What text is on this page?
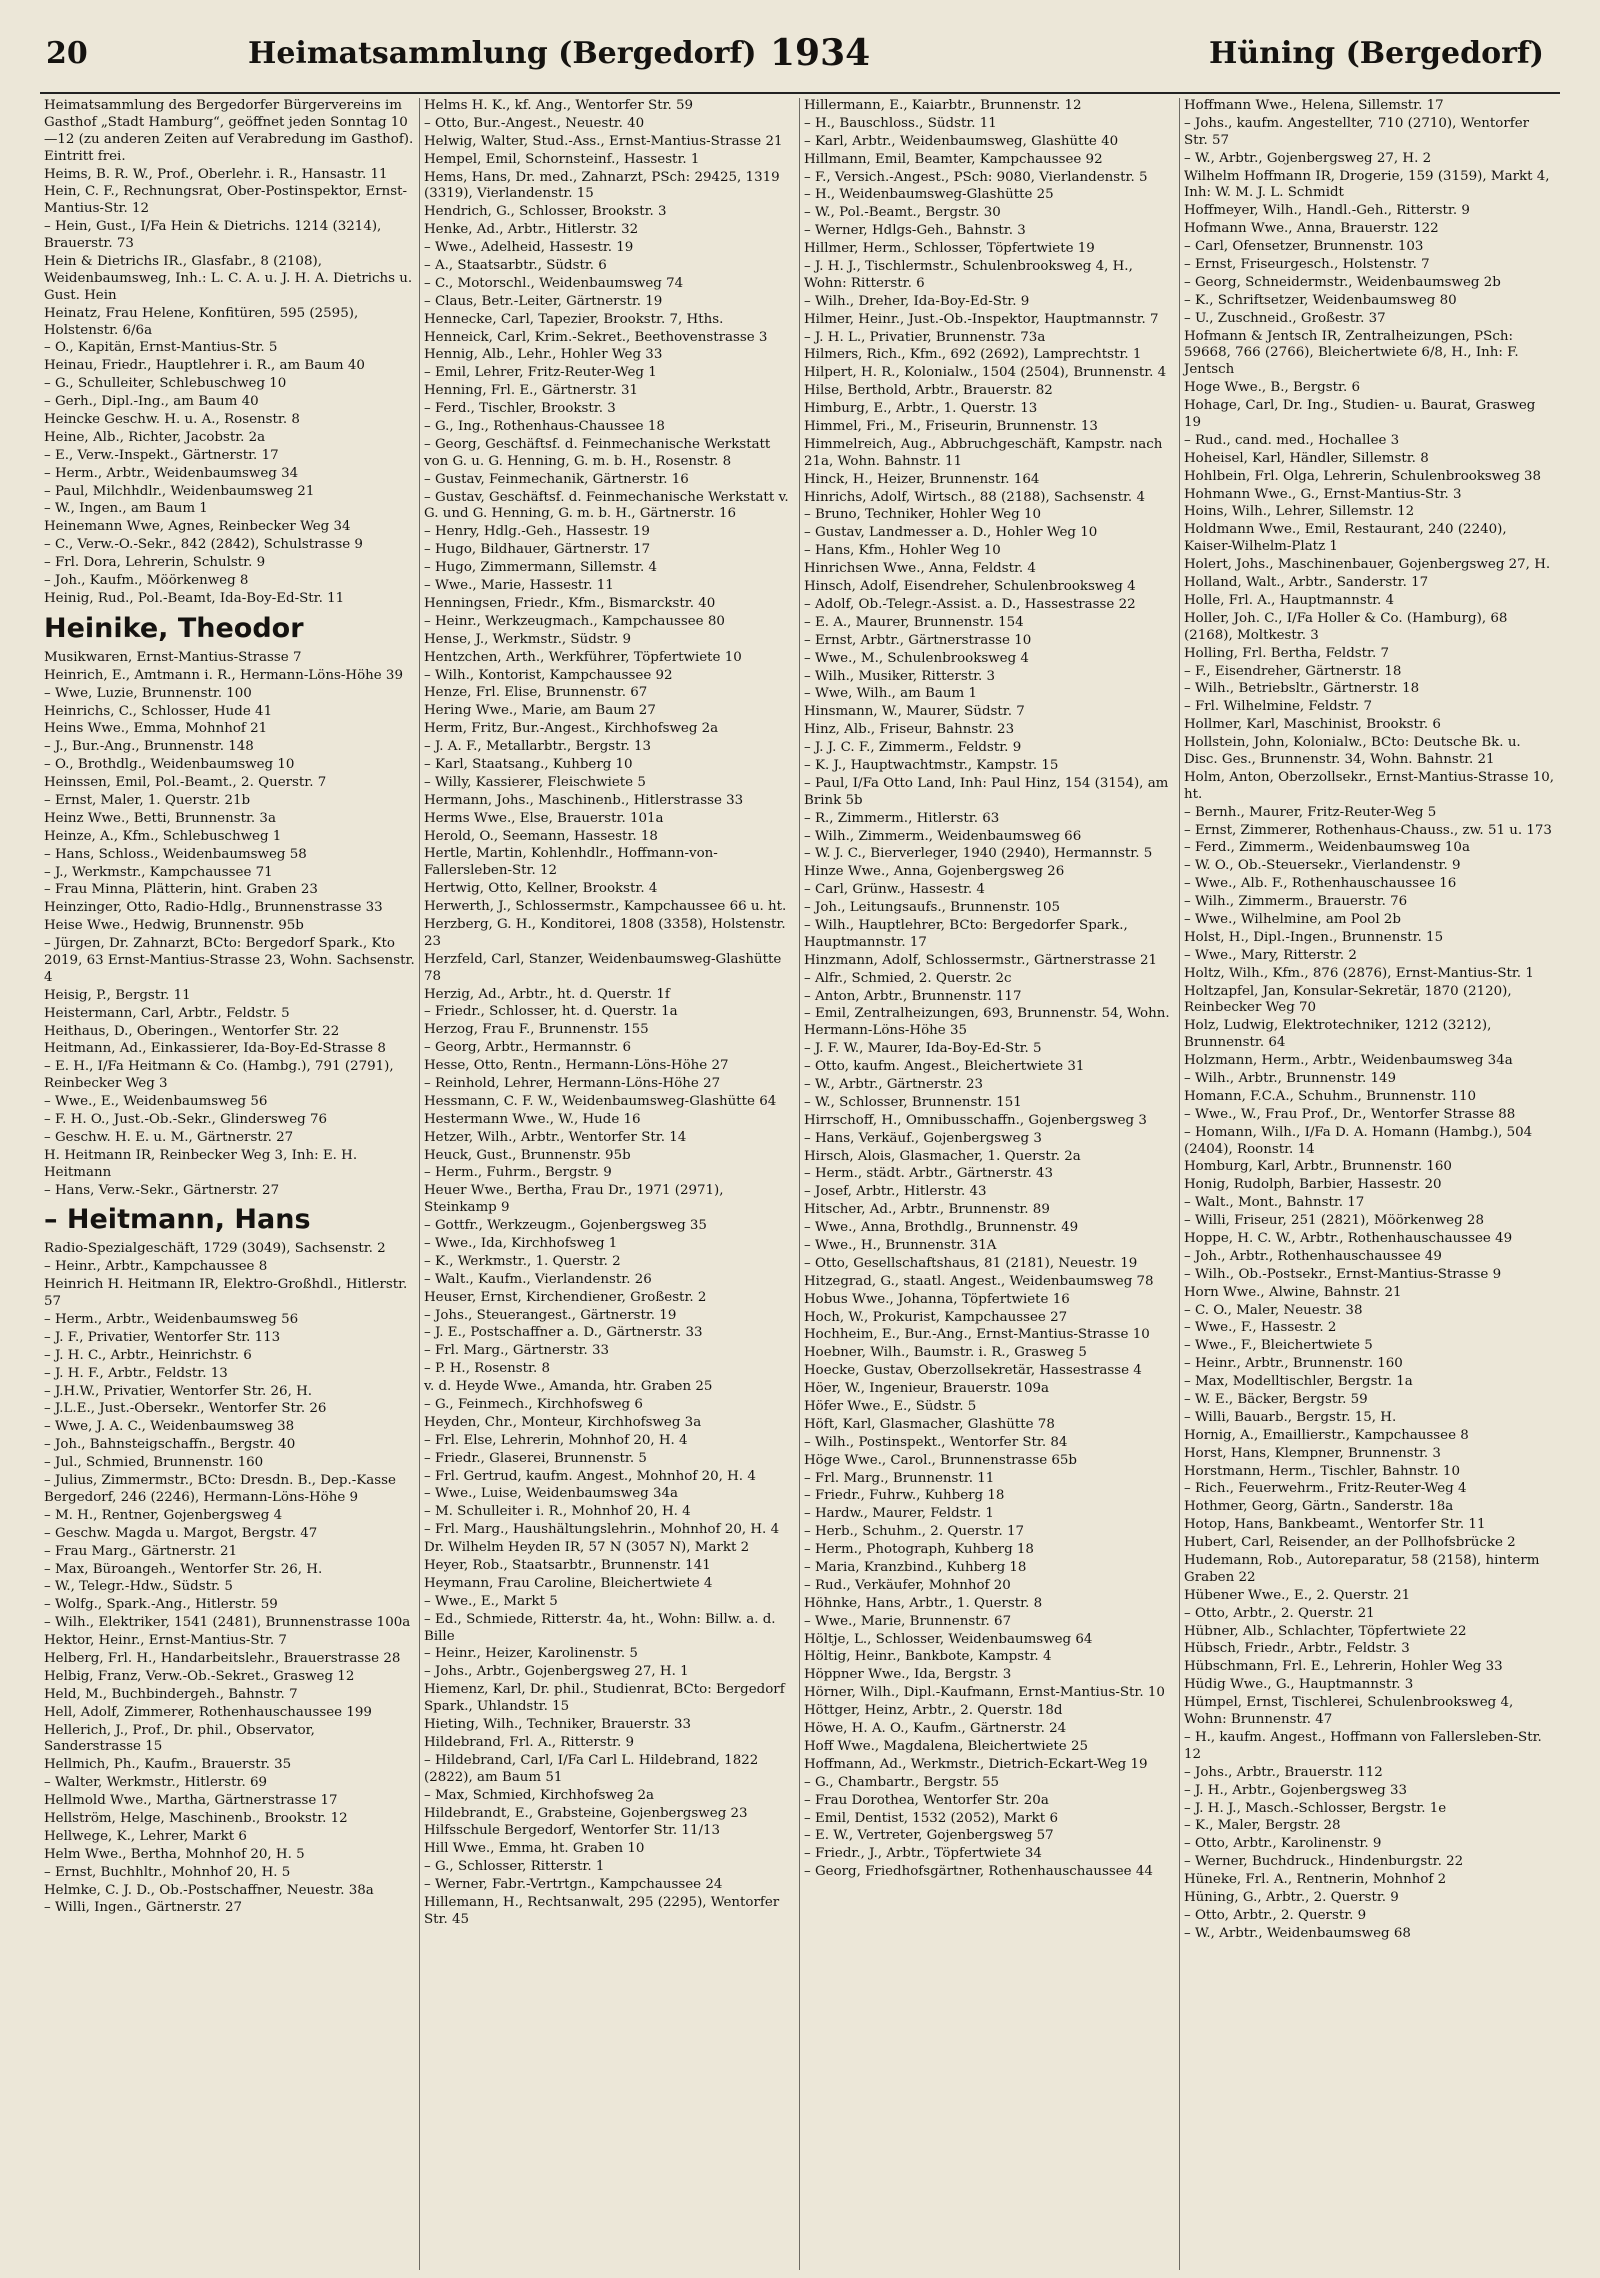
20	Heimatsammlung (Bergedorf) 1934	Hüning (Bergedorf)
Heimatsammlung des Bergedorfer Bürgervereins im Gasthof „Stadt Hamburg“, geöffnet jeden Sonntag 10—12 (zu anderen Zeiten auf Verabredung im Gasthof). Eintritt frei.
Heims, B. R. W., Prof., Oberlehr. i. R., Hansastr. 11
Hein, C. F., Rechnungsrat, Ober-Postinspektor, Ernst-Mantius-Str. 12
– Hein, Gust., I/Fa Hein & Dietrichs. 1214 (3214), Brauerstr. 73
Hein & Dietrichs IR., Glasfabr., 8 (2108), Weidenbaumsweg, Inh.: L. C. A. u. J. H. A. Dietrichs u. Gust. Hein
Heinatz, Frau Helene, Konfitüren, 595 (2595), Holstenstr. 6/6a
– O., Kapitän, Ernst-Mantius-Str. 5
Heinau, Friedr., Hauptlehrer i. R., am Baum 40
– G., Schulleiter, Schlebuschweg 10
– Gerh., Dipl.-Ing., am Baum 40
Heincke Geschw. H. u. A., Rosenstr. 8
Heine, Alb., Richter, Jacobstr. 2a
– E., Verw.-Inspekt., Gärtnerstr. 17
– Herm., Arbtr., Weidenbaumsweg 34
– Paul, Milchhdlr., Weidenbaumsweg 21
– W., Ingen., am Baum 1
Heinemann Wwe, Agnes, Reinbecker Weg 34
– C., Verw.-O.-Sekr., 842 (2842), Schulstrasse 9
– Frl. Dora, Lehrerin, Schulstr. 9
– Joh., Kaufm., Möörkenweg 8
Heinig, Rud., Pol.-Beamt, Ida-Boy-Ed-Str. 11
Heinike, Theodor
Musikwaren, Ernst-Mantius-Strasse 7
Heinrich, E., Amtmann i. R., Hermann-Löns-Höhe 39
– Wwe, Luzie, Brunnenstr. 100
Heinrichs, C., Schlosser, Hude 41
Heins Wwe., Emma, Mohnhof 21
– J., Bur.-Ang., Brunnenstr. 148
– O., Brothdlg., Weidenbaumsweg 10
Heinssen, Emil, Pol.-Beamt., 2. Querstr. 7
– Ernst, Maler, 1. Querstr. 21b
Heinz Wwe., Betti, Brunnenstr. 3a
Heinze, A., Kfm., Schlebuschweg 1
– Hans, Schloss., Weidenbaumsweg 58
– J., Werkmstr., Kampchaussee 71
– Frau Minna, Plätterin, hint. Graben 23
Heinzinger, Otto, Radio-Hdlg., Brunnenstrasse 33
Heise Wwe., Hedwig, Brunnenstr. 95b
– Jürgen, Dr. Zahnarzt, BCto: Bergedorf Spark., Kto 2019, 63 Ernst-Mantius-Strasse 23, Wohn. Sachsenstr. 4
Heisig, P., Bergstr. 11
Heistermann, Carl, Arbtr., Feldstr. 5
Heithaus, D., Oberingen., Wentorfer Str. 22
Heitmann, Ad., Einkassierer, Ida-Boy-Ed-Strasse 8
– E. H., I/Fa Heitmann & Co. (Hambg.), 791 (2791), Reinbecker Weg 3
– Wwe., E., Weidenbaumsweg 56
– F. H. O., Just.-Ob.-Sekr., Glindersweg 76
– Geschw. H. E. u. M., Gärtnerstr. 27
H. Heitmann IR, Reinbecker Weg 3, Inh: E. H. Heitmann
– Hans, Verw.-Sekr., Gärtnerstr. 27
– Heitmann, Hans
Radio-Spezialgeschäft, 1729 (3049), Sachsenstr. 2
– Heinr., Arbtr., Kampchaussee 8
Heinrich H. Heitmann IR, Elektro-Großhdl., Hitlerstr. 57
– Herm., Arbtr., Weidenbaumsweg 56
– J. F., Privatier, Wentorfer Str. 113
– J. H. C., Arbtr., Heinrichstr. 6
– J. H. F., Arbtr., Feldstr. 13
– J.H.W., Privatier, Wentorfer Str. 26, H.
– J.L.E., Just.-Obersekr., Wentorfer Str. 26
– Wwe, J. A. C., Weidenbaumsweg 38
– Joh., Bahnsteigschaffn., Bergstr. 40
– Jul., Schmied, Brunnenstr. 160
– Julius, Zimmermstr., BCto: Dresdn. B., Dep.-Kasse Bergedorf, 246 (2246), Hermann-Löns-Höhe 9
– M. H., Rentner, Gojenbergsweg 4
– Geschw. Magda u. Margot, Bergstr. 47
– Frau Marg., Gärtnerstr. 21
– Max, Büroangeh., Wentorfer Str. 26, H.
– W., Telegr.-Hdw., Südstr. 5
– Wolfg., Spark.-Ang., Hitlerstr. 59
– Wilh., Elektriker, 1541 (2481), Brunnenstrasse 100a
Hektor, Heinr., Ernst-Mantius-Str. 7
Helberg, Frl. H., Handarbeitslehr., Brauerstrasse 28
Helbig, Franz, Verw.-Ob.-Sekret., Grasweg 12
Held, M., Buchbindergeh., Bahnstr. 7
Hell, Adolf, Zimmerer, Rothenhauschaussee 199
Hellerich, J., Prof., Dr. phil., Observator, Sanderstrasse 15
Hellmich, Ph., Kaufm., Brauerstr. 35
– Walter, Werkmstr., Hitlerstr. 69
Hellmold Wwe., Martha, Gärtnerstrasse 17
Hellström, Helge, Maschinenb., Brookstr. 12
Hellwege, K., Lehrer, Markt 6
Helm Wwe., Bertha, Mohnhof 20, H. 5
– Ernst, Buchhltr., Mohnhof 20, H. 5
Helmke, C. J. D., Ob.-Postschaffner, Neuestr. 38a
– Willi, Ingen., Gärtnerstr. 27
Helms H. K., kf. Ang., Wentorfer Str. 59
– Otto, Bur.-Angest., Neuestr. 40
Helwig, Walter, Stud.-Ass., Ernst-Mantius-Strasse 21
Hempel, Emil, Schornsteinf., Hassestr. 1
Hems, Hans, Dr. med., Zahnarzt, PSch: 29425, 1319 (3319), Vierlandenstr. 15
Hendrich, G., Schlosser, Brookstr. 3
Henke, Ad., Arbtr., Hitlerstr. 32
– Wwe., Adelheid, Hassestr. 19
– A., Staatsarbtr., Südstr. 6
– C., Motorschl., Weidenbaumsweg 74
– Claus, Betr.-Leiter, Gärtnerstr. 19
Hennecke, Carl, Tapezier, Brookstr. 7, Hths.
Henneick, Carl, Krim.-Sekret., Beethovenstrasse 3
Hennig, Alb., Lehr., Hohler Weg 33
– Emil, Lehrer, Fritz-Reuter-Weg 1
Henning, Frl. E., Gärtnerstr. 31
– Ferd., Tischler, Brookstr. 3
– G., Ing., Rothenhaus-Chaussee 18
– Georg, Geschäftsf. d. Feinmechanische Werkstatt von G. u. G. Henning, G. m. b. H., Rosenstr. 8
– Gustav, Feinmechanik, Gärtnerstr. 16
– Gustav, Geschäftsf. d. Feinmechanische Werkstatt v. G. und G. Henning, G. m. b. H., Gärtnerstr. 16
– Henry, Hdlg.-Geh., Hassestr. 19
– Hugo, Bildhauer, Gärtnerstr. 17
– Hugo, Zimmermann, Sillemstr. 4
– Wwe., Marie, Hassestr. 11
Henningsen, Friedr., Kfm., Bismarckstr. 40
– Heinr., Werkzeugmach., Kampchaussee 80
Hense, J., Werkmstr., Südstr. 9
Hentzchen, Arth., Werkführer, Töpfertwiete 10
– Wilh., Kontorist, Kampchaussee 92
Henze, Frl. Elise, Brunnenstr. 67
Hering Wwe., Marie, am Baum 27
Herm, Fritz, Bur.-Angest., Kirchhofsweg 2a
– J. A. F., Metallarbtr., Bergstr. 13
– Karl, Staatsang., Kuhberg 10
– Willy, Kassierer, Fleischwiete 5
Hermann, Johs., Maschinenb., Hitlerstrasse 33
Herms Wwe., Else, Brauerstr. 101a
Herold, O., Seemann, Hassestr. 18
Hertle, Martin, Kohlenhdlr., Hoffmann-von-Fallersleben-Str. 12
Hertwig, Otto, Kellner, Brookstr. 4
Herwerth, J., Schlossermstr., Kampchaussee 66 u. ht.
Herzberg, G. H., Konditorei, 1808 (3358), Holstenstr. 23
Herzfeld, Carl, Stanzer, Weidenbaumsweg-Glashütte 78
Herzig, Ad., Arbtr., ht. d. Querstr. 1f
– Friedr., Schlosser, ht. d. Querstr. 1a
Herzog, Frau F., Brunnenstr. 155
– Georg, Arbtr., Hermannstr. 6
Hesse, Otto, Rentn., Hermann-Löns-Höhe 27
– Reinhold, Lehrer, Hermann-Löns-Höhe 27
Hessmann, C. F. W., Weidenbaumsweg-Glashütte 64
Hestermann Wwe., W., Hude 16
Hetzer, Wilh., Arbtr., Wentorfer Str. 14
Heuck, Gust., Brunnenstr. 95b
– Herm., Fuhrm., Bergstr. 9
Heuer Wwe., Bertha, Frau Dr., 1971 (2971), Steinkamp 9
– Gottfr., Werkzeugm., Gojenbergsweg 35
– Wwe., Ida, Kirchhofsweg 1
– K., Werkmstr., 1. Querstr. 2
– Walt., Kaufm., Vierlandenstr. 26
Heuser, Ernst, Kirchendiener, Großestr. 2
– Johs., Steuerangest., Gärtnerstr. 19
– J. E., Postschaffner a. D., Gärtnerstr. 33
– Frl. Marg., Gärtnerstr. 33
– P. H., Rosenstr. 8
v. d. Heyde Wwe., Amanda, htr. Graben 25
– G., Feinmech., Kirchhofsweg 6
Heyden, Chr., Monteur, Kirchhofsweg 3a
– Frl. Else, Lehrerin, Mohnhof 20, H. 4
– Friedr., Glaserei, Brunnenstr. 5
– Frl. Gertrud, kaufm. Angest., Mohnhof 20, H. 4
– Wwe., Luise, Weidenbaumsweg 34a
– M. Schulleiter i. R., Mohnhof 20, H. 4
– Frl. Marg., Haushältungslehrin., Mohnhof 20, H. 4
Dr. Wilhelm Heyden IR, 57 N (3057 N), Markt 2
Heyer, Rob., Staatsarbtr., Brunnenstr. 141
Heymann, Frau Caroline, Bleichertwiete 4
– Wwe., E., Markt 5
– Ed., Schmiede, Ritterstr. 4a, ht., Wohn: Billw. a. d. Bille
– Heinr., Heizer, Karolinenstr. 5
– Johs., Arbtr., Gojenbergsweg 27, H. 1
Hiemenz, Karl, Dr. phil., Studienrat, BCto: Bergedorf Spark., Uhlandstr. 15
Hieting, Wilh., Techniker, Brauerstr. 33
Hildebrand, Frl. A., Ritterstr. 9
– Hildebrand, Carl, I/Fa Carl L. Hildebrand, 1822 (2822), am Baum 51
– Max, Schmied, Kirchhofsweg 2a
Hildebrandt, E., Grabsteine, Gojenbergsweg 23
Hilfsschule Bergedorf, Wentorfer Str. 11/13
Hill Wwe., Emma, ht. Graben 10
– G., Schlosser, Ritterstr. 1
– Werner, Fabr.-Vertrtgn., Kampchaussee 24
Hillemann, H., Rechtsanwalt, 295 (2295), Wentorfer Str. 45
Hillermann, E., Kaiarbtr., Brunnenstr. 12
– H., Bauschloss., Südstr. 11
– Karl, Arbtr., Weidenbaumsweg, Glashütte 40
Hillmann, Emil, Beamter, Kampchaussee 92
– F., Versich.-Angest., PSch: 9080, Vierlandenstr. 5
– H., Weidenbaumsweg-Glashütte 25
– W., Pol.-Beamt., Bergstr. 30
– Werner, Hdlgs-Geh., Bahnstr. 3
Hillmer, Herm., Schlosser, Töpfertwiete 19
– J. H. J., Tischlermstr., Schulenbrooksweg 4, H., Wohn: Ritterstr. 6
– Wilh., Dreher, Ida-Boy-Ed-Str. 9
Hilmer, Heinr., Just.-Ob.-Inspektor, Hauptmannstr. 7
– J. H. L., Privatier, Brunnenstr. 73a
Hilmers, Rich., Kfm., 692 (2692), Lamprechtstr. 1
Hilpert, H. R., Kolonialw., 1504 (2504), Brunnenstr. 4
Hilse, Berthold, Arbtr., Brauerstr. 82
Himburg, E., Arbtr., 1. Querstr. 13
Himmel, Fri., M., Friseurin, Brunnenstr. 13
Himmelreich, Aug., Abbruchgeschäft, Kampstr. nach 21a, Wohn. Bahnstr. 11
Hinck, H., Heizer, Brunnenstr. 164
Hinrichs, Adolf, Wirtsch., 88 (2188), Sachsenstr. 4
– Bruno, Techniker, Hohler Weg 10
– Gustav, Landmesser a. D., Hohler Weg 10
– Hans, Kfm., Hohler Weg 10
Hinrichsen Wwe., Anna, Feldstr. 4
Hinsch, Adolf, Eisendreher, Schulenbrooksweg 4
– Adolf, Ob.-Telegr.-Assist. a. D., Hassestrasse 22
– E. A., Maurer, Brunnenstr. 154
– Ernst, Arbtr., Gärtnerstrasse 10
– Wwe., M., Schulenbrooksweg 4
– Wilh., Musiker, Ritterstr. 3
– Wwe, Wilh., am Baum 1
Hinsmann, W., Maurer, Südstr. 7
Hinz, Alb., Friseur, Bahnstr. 23
– J. J. C. F., Zimmerm., Feldstr. 9
– K. J., Hauptwachtmstr., Kampstr. 15
– Paul, I/Fa Otto Land, Inh: Paul Hinz, 154 (3154), am Brink 5b
– R., Zimmerm., Hitlerstr. 63
– Wilh., Zimmerm., Weidenbaumsweg 66
– W. J. C., Bierverleger, 1940 (2940), Hermannstr. 5
Hinze Wwe., Anna, Gojenbergsweg 26
– Carl, Grünw., Hassestr. 4
– Joh., Leitungsaufs., Brunnenstr. 105
– Wilh., Hauptlehrer, BCto: Bergedorfer Spark., Hauptmannstr. 17
Hinzmann, Adolf, Schlossermstr., Gärtnerstrasse 21
– Alfr., Schmied, 2. Querstr. 2c
– Anton, Arbtr., Brunnenstr. 117
– Emil, Zentralheizungen, 693, Brunnenstr. 54, Wohn. Hermann-Löns-Höhe 35
– J. F. W., Maurer, Ida-Boy-Ed-Str. 5
– Otto, kaufm. Angest., Bleichertwiete 31
– W., Arbtr., Gärtnerstr. 23
– W., Schlosser, Brunnenstr. 151
Hirrschoff, H., Omnibusschaffn., Gojenbergsweg 3
– Hans, Verkäuf., Gojenbergsweg 3
Hirsch, Alois, Glasmacher, 1. Querstr. 2a
– Herm., städt. Arbtr., Gärtnerstr. 43
– Josef, Arbtr., Hitlerstr. 43
Hitscher, Ad., Arbtr., Brunnenstr. 89
– Wwe., Anna, Brothdlg., Brunnenstr. 49
– Wwe., H., Brunnenstr. 31A
– Otto, Gesellschaftshaus, 81 (2181), Neuestr. 19
Hitzegrad, G., staatl. Angest., Weidenbaumsweg 78
Hobus Wwe., Johanna, Töpfertwiete 16
Hoch, W., Prokurist, Kampchaussee 27
Hochheim, E., Bur.-Ang., Ernst-Mantius-Strasse 10
Hoebner, Wilh., Baumstr. i. R., Grasweg 5
Hoecke, Gustav, Oberzollsekretär, Hassestrasse 4
Höer, W., Ingenieur, Brauerstr. 109a
Höfer Wwe., E., Südstr. 5
Höft, Karl, Glasmacher, Glashütte 78
– Wilh., Postinspekt., Wentorfer Str. 84
Höge Wwe., Carol., Brunnenstrasse 65b
– Frl. Marg., Brunnenstr. 11
– Friedr., Fuhrw., Kuhberg 18
– Hardw., Maurer, Feldstr. 1
– Herb., Schuhm., 2. Querstr. 17
– Herm., Photograph, Kuhberg 18
– Maria, Kranzbind., Kuhberg 18
– Rud., Verkäufer, Mohnhof 20
Höhnke, Hans, Arbtr., 1. Querstr. 8
– Wwe., Marie, Brunnenstr. 67
Höltje, L., Schlosser, Weidenbaumsweg 64
Höltig, Heinr., Bankbote, Kampstr. 4
Höppner Wwe., Ida, Bergstr. 3
Hörner, Wilh., Dipl.-Kaufmann, Ernst-Mantius-Str. 10
Höttger, Heinz, Arbtr., 2. Querstr. 18d
Höwe, H. A. O., Kaufm., Gärtnerstr. 24
Hoff Wwe., Magdalena, Bleichertwiete 25
Hoffmann, Ad., Werkmstr., Dietrich-Eckart-Weg 19
– G., Chambartr., Bergstr. 55
– Frau Dorothea, Wentorfer Str. 20a
– Emil, Dentist, 1532 (2052), Markt 6
– E. W., Vertreter, Gojenbergsweg 57
– Friedr., J., Arbtr., Töpfertwiete 34
– Georg, Friedhofsgärtner, Rothenhauschaussee 44
Hoffmann Wwe., Helena, Sillemstr. 17
– Johs., kaufm. Angestellter, 710 (2710), Wentorfer Str. 57
– W., Arbtr., Gojenbergsweg 27, H. 2
Wilhelm Hoffmann IR, Drogerie, 159 (3159), Markt 4, Inh: W. M. J. L. Schmidt
Hoffmeyer, Wilh., Handl.-Geh., Ritterstr. 9
Hofmann Wwe., Anna, Brauerstr. 122
– Carl, Ofensetzer, Brunnenstr. 103
– Ernst, Friseurgesch., Holstenstr. 7
– Georg, Schneidermstr., Weidenbaumsweg 2b
– K., Schriftsetzer, Weidenbaumsweg 80
– U., Zuschneid., Großestr. 37
Hofmann & Jentsch IR, Zentralheizungen, PSch: 59668, 766 (2766), Bleichertwiete 6/8, H., Inh: F. Jentsch
Hoge Wwe., B., Bergstr. 6
Hohage, Carl, Dr. Ing., Studien- u. Baurat, Grasweg 19
– Rud., cand. med., Hochallee 3
Hoheisel, Karl, Händler, Sillemstr. 8
Hohlbein, Frl. Olga, Lehrerin, Schulenbrooksweg 38
Hohmann Wwe., G., Ernst-Mantius-Str. 3
Hoins, Wilh., Lehrer, Sillemstr. 12
Holdmann Wwe., Emil, Restaurant, 240 (2240), Kaiser-Wilhelm-Platz 1
Holert, Johs., Maschinenbauer, Gojenbergsweg 27, H.
Holland, Walt., Arbtr., Sanderstr. 17
Holle, Frl. A., Hauptmannstr. 4
Holler, Joh. C., I/Fa Holler & Co. (Hamburg), 68 (2168), Moltkestr. 3
Holling, Frl. Bertha, Feldstr. 7
– F., Eisendreher, Gärtnerstr. 18
– Wilh., Betriebsltr., Gärtnerstr. 18
– Frl. Wilhelmine, Feldstr. 7
Hollmer, Karl, Maschinist, Brookstr. 6
Hollstein, John, Kolonialw., BCto: Deutsche Bk. u. Disc. Ges., Brunnenstr. 34, Wohn. Bahnstr. 21
Holm, Anton, Oberzollsekr., Ernst-Mantius-Strasse 10, ht.
– Bernh., Maurer, Fritz-Reuter-Weg 5
– Ernst, Zimmerer, Rothenhaus-Chauss., zw. 51 u. 173
– Ferd., Zimmerm., Weidenbaumsweg 10a
– W. O., Ob.-Steuersekr., Vierlandenstr. 9
– Wwe., Alb. F., Rothenhauschaussee 16
– Wilh., Zimmerm., Brauerstr. 76
– Wwe., Wilhelmine, am Pool 2b
Holst, H., Dipl.-Ingen., Brunnenstr. 15
– Wwe., Mary, Ritterstr. 2
Holtz, Wilh., Kfm., 876 (2876), Ernst-Mantius-Str. 1
Holtzapfel, Jan, Konsular-Sekretär, 1870 (2120), Reinbecker Weg 70
Holz, Ludwig, Elektrotechniker, 1212 (3212), Brunnenstr. 64
Holzmann, Herm., Arbtr., Weidenbaumsweg 34a
– Wilh., Arbtr., Brunnenstr. 149
Homann, F.C.A., Schuhm., Brunnenstr. 110
– Wwe., W., Frau Prof., Dr., Wentorfer Strasse 88
– Homann, Wilh., I/Fa D. A. Homann (Hambg.), 504 (2404), Roonstr. 14
Homburg, Karl, Arbtr., Brunnenstr. 160
Honig, Rudolph, Barbier, Hassestr. 20
– Walt., Mont., Bahnstr. 17
– Willi, Friseur, 251 (2821), Möörkenweg 28
Hoppe, H. C. W., Arbtr., Rothenhauschaussee 49
– Joh., Arbtr., Rothenhauschaussee 49
– Wilh., Ob.-Postsekr., Ernst-Mantius-Strasse 9
Horn Wwe., Alwine, Bahnstr. 21
– C. O., Maler, Neuestr. 38
– Wwe., F., Hassestr. 2
– Wwe., F., Bleichertwiete 5
– Heinr., Arbtr., Brunnenstr. 160
– Max, Modelltischler, Bergstr. 1a
– W. E., Bäcker, Bergstr. 59
– Willi, Bauarb., Bergstr. 15, H.
Hornig, A., Emaillierstr., Kampchaussee 8
Horst, Hans, Klempner, Brunnenstr. 3
Horstmann, Herm., Tischler, Bahnstr. 10
– Rich., Feuerwehrm., Fritz-Reuter-Weg 4
Hothmer, Georg, Gärtn., Sanderstr. 18a
Hotop, Hans, Bankbeamt., Wentorfer Str. 11
Hubert, Carl, Reisender, an der Pollhofsbrücke 2
Hudemann, Rob., Autoreparatur, 58 (2158), hinterm Graben 22
Hübener Wwe., E., 2. Querstr. 21
– Otto, Arbtr., 2. Querstr. 21
Hübner, Alb., Schlachter, Töpfertwiete 22
Hübsch, Friedr., Arbtr., Feldstr. 3
Hübschmann, Frl. E., Lehrerin, Hohler Weg 33
Hüdig Wwe., G., Hauptmannstr. 3
Hümpel, Ernst, Tischlerei, Schulenbrooksweg 4, Wohn: Brunnenstr. 47
– H., kaufm. Angest., Hoffmann von Fallersleben-Str. 12
– Johs., Arbtr., Brauerstr. 112
– J. H., Arbtr., Gojenbergsweg 33
– J. H. J., Masch.-Schlosser, Bergstr. 1e
– K., Maler, Bergstr. 28
– Otto, Arbtr., Karolinenstr. 9
– Werner, Buchdruck., Hindenburgstr. 22
Hüneke, Frl. A., Rentnerin, Mohnhof 2
Hüning, G., Arbtr., 2. Querstr. 9
– Otto, Arbtr., 2. Querstr. 9
– W., Arbtr., Weidenbaumsweg 68
